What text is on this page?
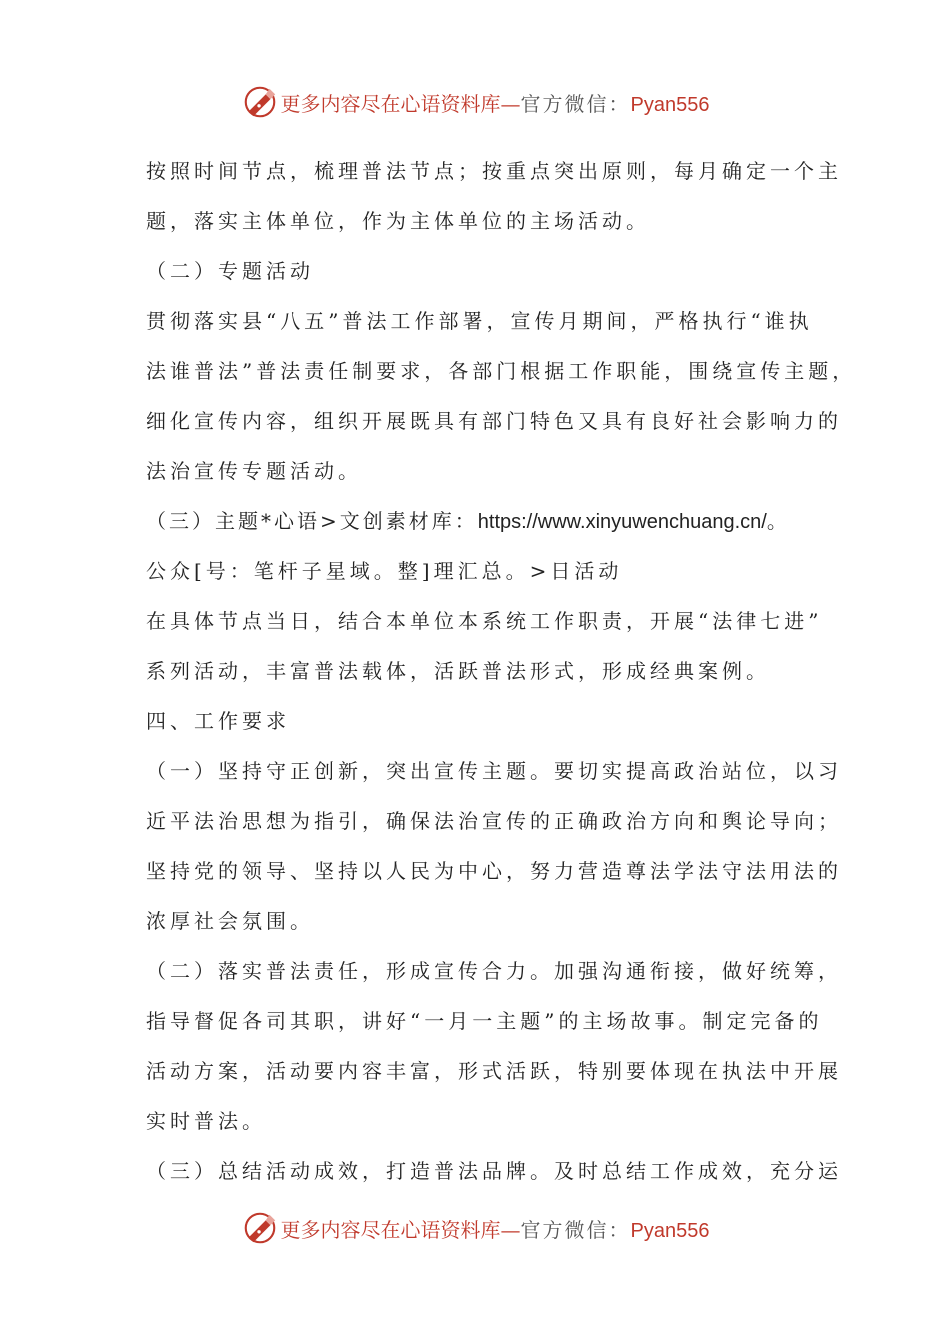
更多内容尽在心语资料库—官方微信：Pyan556
按照时间节点，梳理普法节点；按重点突出原则，每月确定一个主
题，落实主体单位，作为主体单位的主场活动。
（二）专题活动
贯彻落实县“八五”普法工作部署，宣传月期间，严格执行“谁执
法谁普法”普法责任制要求，各部门根据工作职能，围绕宣传主题，
细化宣传内容，组织开展既具有部门特色又具有良好社会影响力的
法治宣传专题活动。
（三）主题*心语>文创素材库：https://www.xinyuwenchuang.cn/。
公众[号：笔杆子星域。整]理汇总。>日活动
在具体节点当日，结合本单位本系统工作职责，开展“法律七进”
系列活动，丰富普法载体，活跃普法形式，形成经典案例。
四、工作要求
（一）坚持守正创新，突出宣传主题。要切实提高政治站位，以习
近平法治思想为指引，确保法治宣传的正确政治方向和舆论导向；
坚持党的领导、坚持以人民为中心，努力营造尊法学法守法用法的
浓厚社会氛围。
（二）落实普法责任，形成宣传合力。加强沟通衔接，做好统筹，
指导督促各司其职，讲好“一月一主题”的主场故事。制定完备的
活动方案，活动要内容丰富，形式活跃，特别要体现在执法中开展
实时普法。
（三）总结活动成效，打造普法品牌。及时总结工作成效，充分运
更多内容尽在心语资料库—官方微信：Pyan556
